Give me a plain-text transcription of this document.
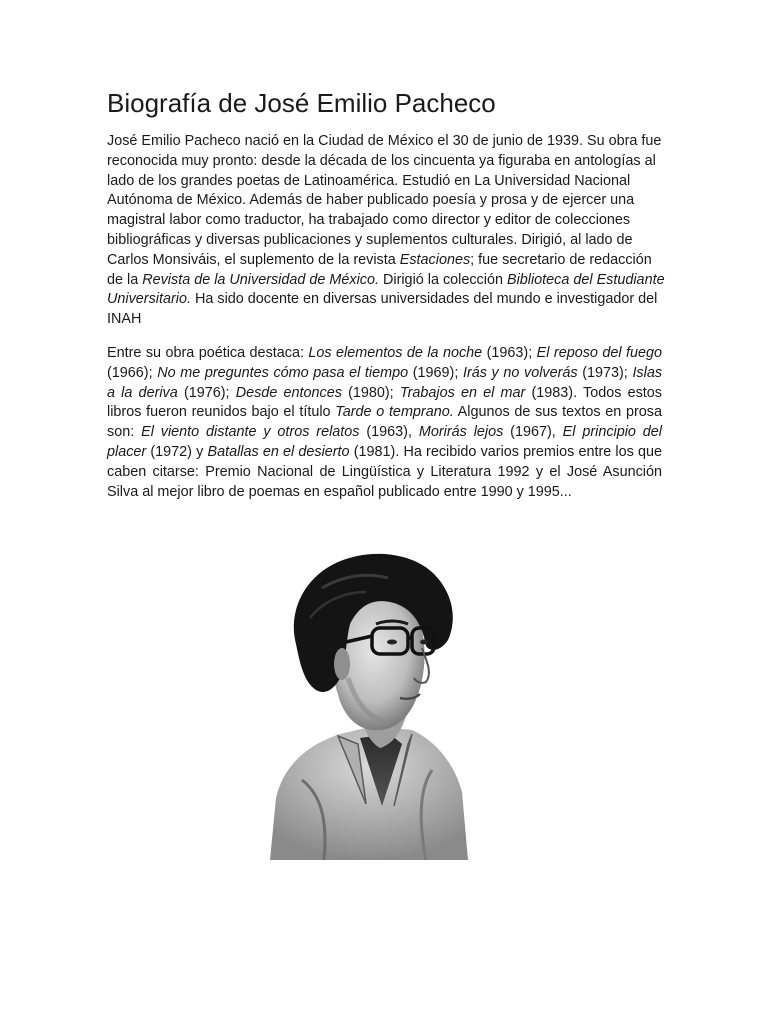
Biografía de José Emilio Pacheco

José Emilio Pacheco nació en la Ciudad de México el 30 de junio de 1939. Su obra fue reconocida muy pronto: desde la década de los cincuenta ya figuraba en antologías al lado de los grandes poetas de Latinoamérica. Estudió en La Universidad Nacional Autónoma de México. Además de haber publicado poesía y prosa y de ejercer una magistral labor como traductor, ha trabajado como director y editor de colecciones bibliográficas y diversas publicaciones y suplementos culturales. Dirigió, al lado de Carlos Monsiváis, el suplemento de la revista Estaciones; fue secretario de redacción de la Revista de la Universidad de México. Dirigió la colección Biblioteca del Estudiante Universitario. Ha sido docente en diversas universidades del mundo e investigador del INAH

Entre su obra poética destaca: Los elementos de la noche (1963); El reposo del fuego (1966); No me preguntes cómo pasa el tiempo (1969); Irás y no volverás (1973); Islas a la deriva (1976); Desde entonces (1980); Trabajos en el mar (1983). Todos estos libros fueron reunidos bajo el título Tarde o temprano. Algunos de sus textos en prosa son: El viento distante y otros relatos (1963), Morirás lejos (1967), El principio del placer (1972) y Batallas en el desierto (1981). Ha recibido varios premios entre los que caben citarse: Premio Nacional de Lingüística y Literatura 1992 y el José Asunción Silva al mejor libro de poemas en español publicado entre 1990 y 1995...
